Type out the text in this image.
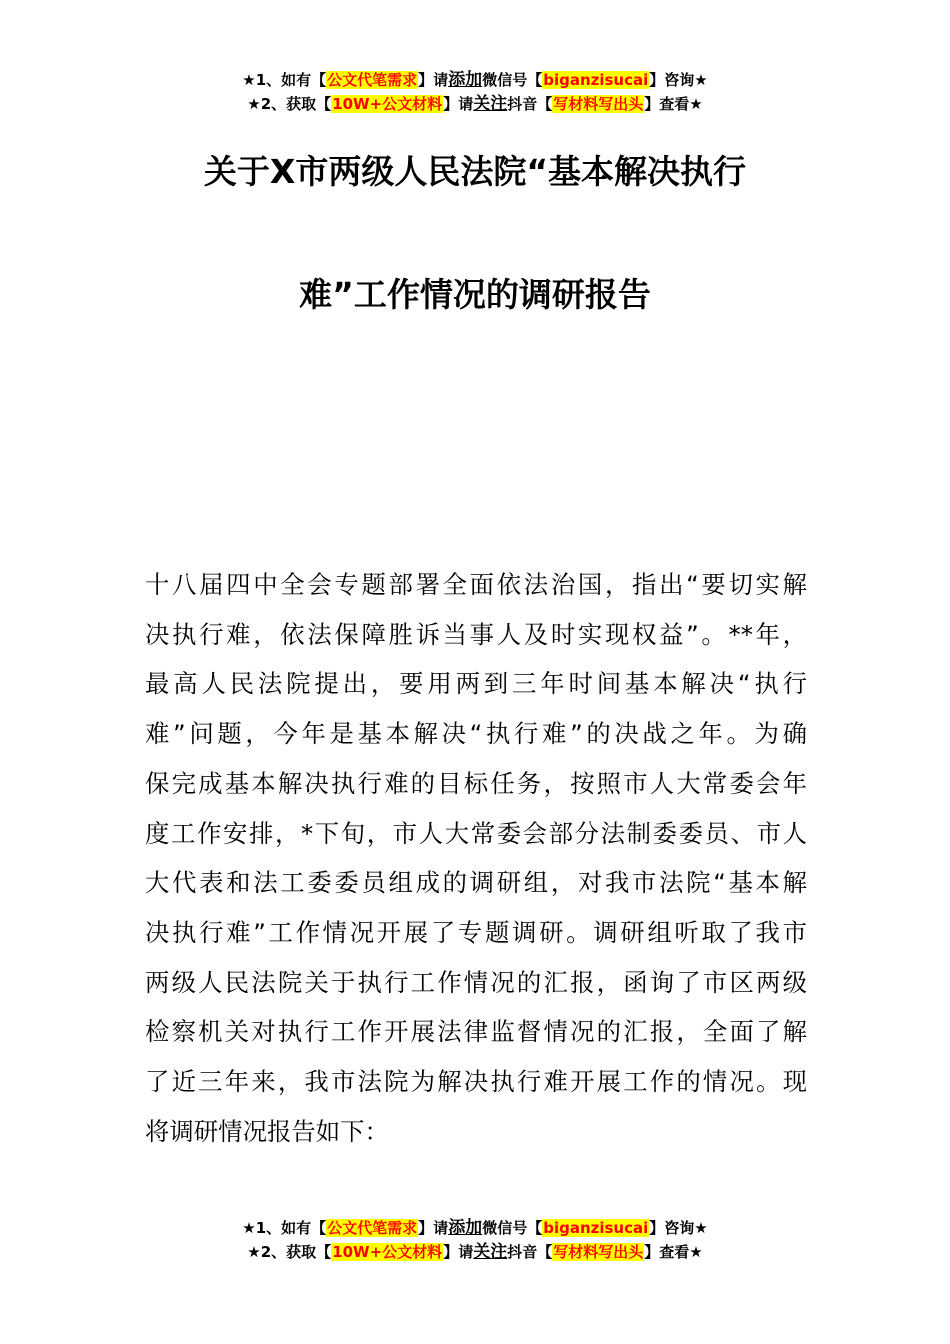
★1、如有【公文代笔需求】请添加微信号【biganzisucai】咨询★
★2、获取【10W+公文材料】请关注抖音【写材料写出头】查看★
关于Ⅹ市两级人民法院“基本解决执行
难”工作情况的调研报告
十八届四中全会专题部署全面依法治国，指出“要切实解
决执行难，依法保障胜诉当事人及时实现权益”。**年，
最高人民法院提出，要用两到三年时间基本解决“执行
难”问题，今年是基本解决“执行难”的决战之年。为确
保完成基本解决执行难的目标任务，按照市人大常委会年
度工作安排，*下旬，市人大常委会部分法制委委员、市人
大代表和法工委委员组成的调研组，对我市法院“基本解
决执行难”工作情况开展了专题调研。调研组听取了我市
两级人民法院关于执行工作情况的汇报，函询了市区两级
检察机关对执行工作开展法律监督情况的汇报，全面了解
了近三年来，我市法院为解决执行难开展工作的情况。现
将调研情况报告如下：
★1、如有【公文代笔需求】请添加微信号【biganzisucai】咨询★
★2、获取【10W+公文材料】请关注抖音【写材料写出头】查看★
